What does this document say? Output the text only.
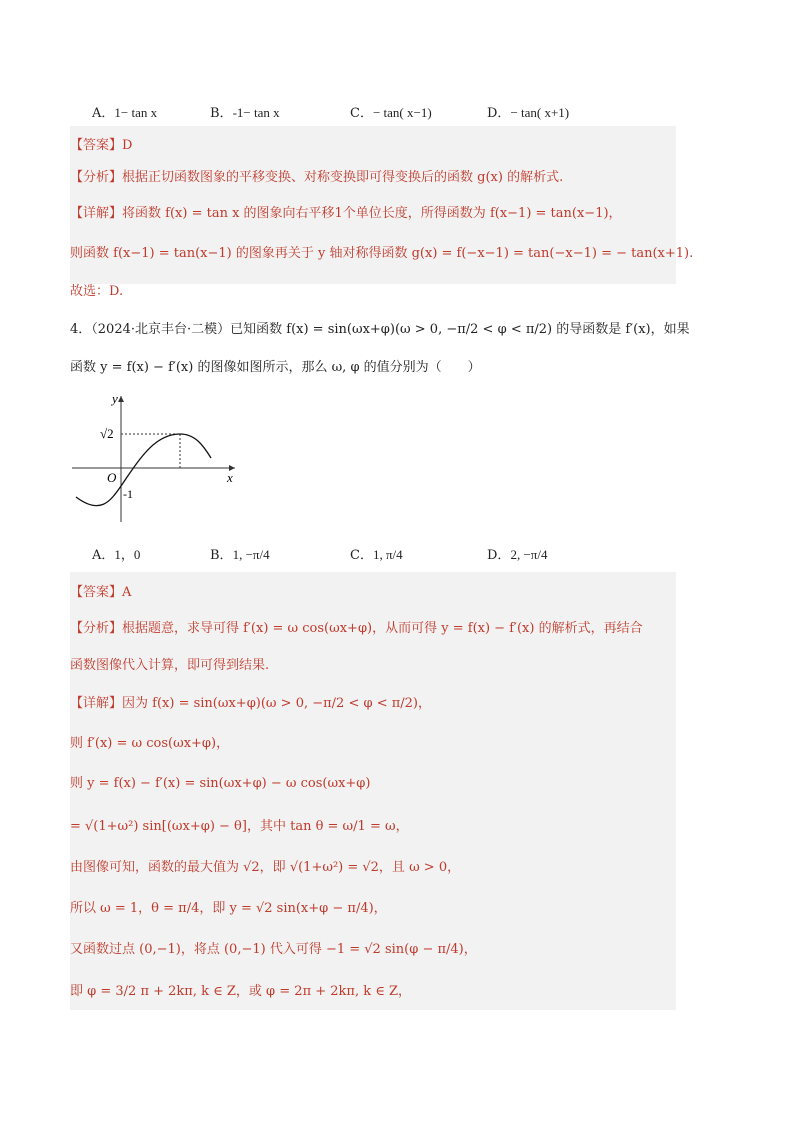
A．1− tan x	B．-1− tan x	C．− tan( x−1)	D．− tan( x+1)
【答案】D
【分析】根据正切函数图象的平移变换、对称变换即可得变换后的函数 g(x) 的解析式.
【详解】将函数 f(x) = tan x 的图象向右平移1个单位长度，所得函数为 f(x−1) = tan(x−1)，
则函数 f(x−1) = tan(x−1) 的图象再关于 y 轴对称得函数 g(x) = f(−x−1) = tan(−x−1) = − tan(x+1).
故选：D.
4．（2024·北京丰台·二模）已知函数 f(x) = sin(ωx+φ)(ω > 0, −π/2 < φ < π/2) 的导函数是 f′(x)，如果
函数 y = f(x) − f′(x) 的图像如图所示，那么 ω, φ 的值分别为（　　）
y
x
O
√2
-1
A．1，0	B．1, −π/4	C．1, π/4	D．2, −π/4
【答案】A
【分析】根据题意，求导可得 f′(x) = ω cos(ωx+φ)，从而可得 y = f(x) − f′(x) 的解析式，再结合
函数图像代入计算，即可得到结果.
【详解】因为 f(x) = sin(ωx+φ)(ω > 0, −π/2 < φ < π/2)，
则 f′(x) = ω cos(ωx+φ)，
则 y = f(x) − f′(x) = sin(ωx+φ) − ω cos(ωx+φ)
= √(1+ω²) sin[(ωx+φ) − θ]，其中 tan θ = ω/1 = ω，
由图像可知，函数的最大值为 √2，即 √(1+ω²) = √2，且 ω > 0，
所以 ω = 1，θ = π/4，即 y = √2 sin(x+φ − π/4)，
又函数过点 (0,−1)，将点 (0,−1) 代入可得 −1 = √2 sin(φ − π/4)，
即 φ = 3/2 π + 2kπ, k ∈ Z，或 φ = 2π + 2kπ, k ∈ Z，
